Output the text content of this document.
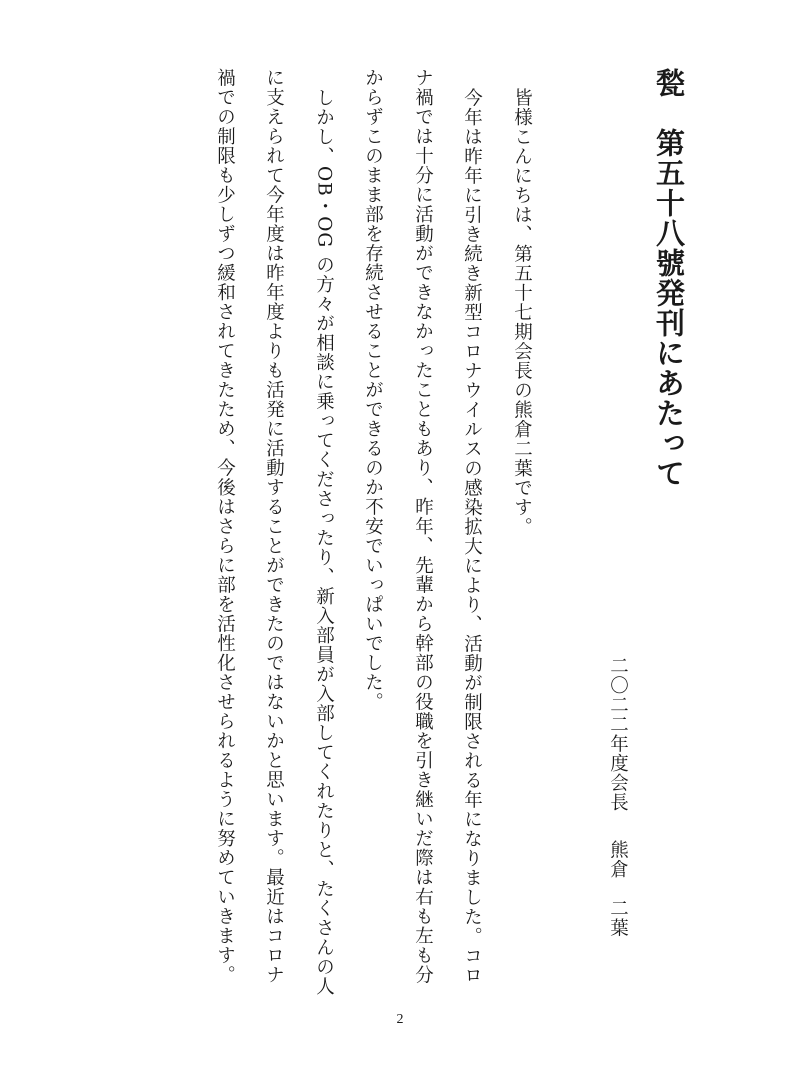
甃第五十八號発刊にあたって
二〇二二年度会長熊倉　二葉
皆様こんにちは、第五十七期会長の熊倉二葉です。
今年は昨年に引き続き新型コロナウイルスの感染拡大により、活動が制限される年になりました。コロ
ナ禍では十分に活動ができなかったこともあり、昨年、先輩から幹部の役職を引き継いだ際は右も左も分
からずこのまま部を存続させることができるのか不安でいっぱいでした。
しかし、OB・OG の方々が相談に乗ってくださったり、新入部員が入部してくれたりと、たくさんの人
に支えられて今年度は昨年度よりも活発に活動することができたのではないかと思います。最近はコロナ
禍での制限も少しずつ緩和されてきたため、今後はさらに部を活性化させられるように努めていきます。
2
